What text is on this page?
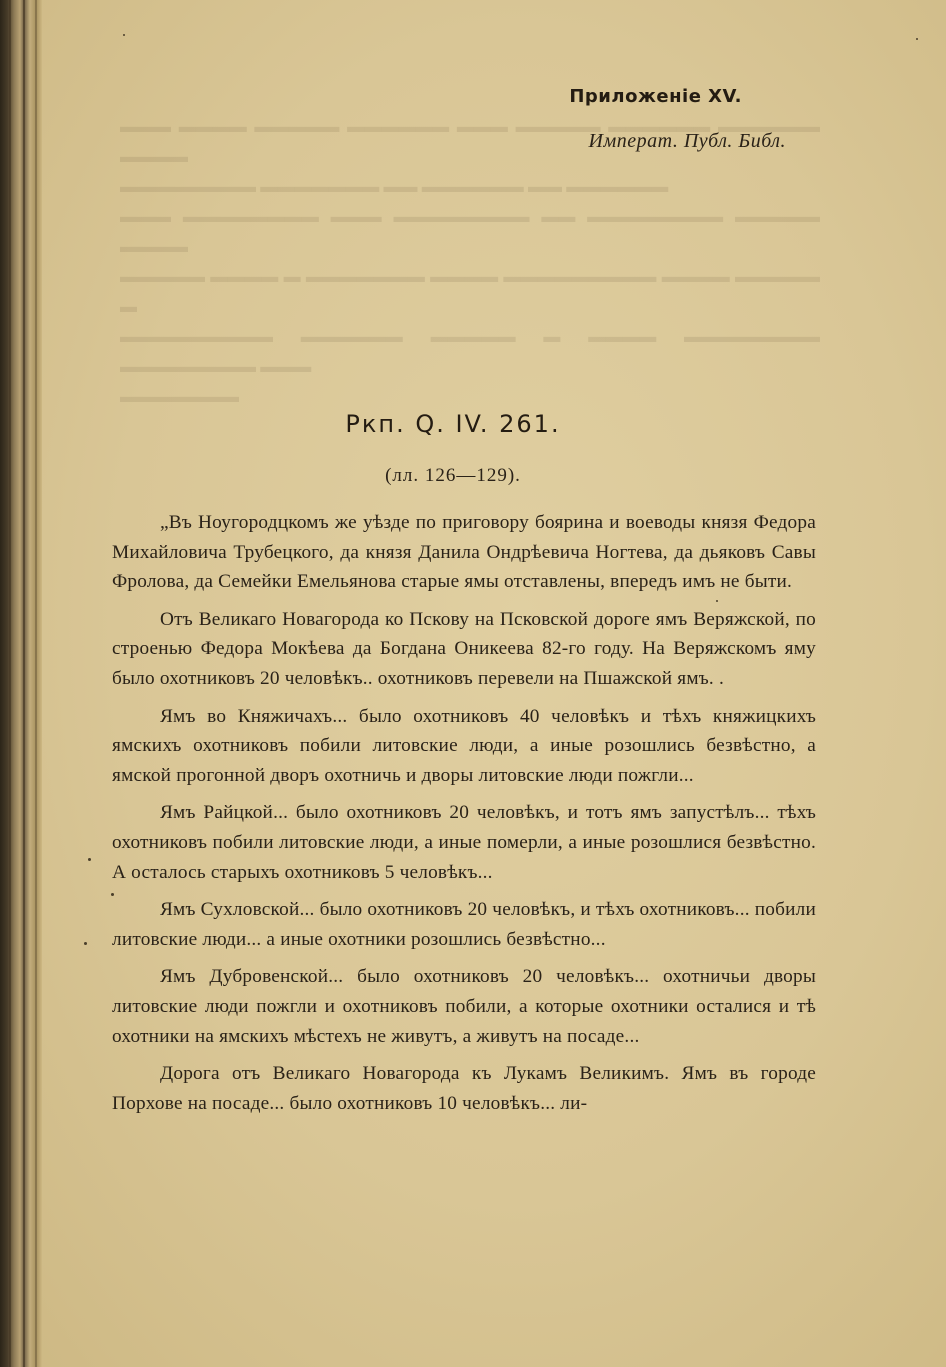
▬▬▬ ▬▬▬▬ ▬▬▬▬▬ ▬▬▬▬▬▬ ▬▬▬ ▬▬▬▬▬ ▬▬▬▬▬▬ ▬▬▬▬▬▬ ▬▬▬▬

▬▬▬▬▬▬▬▬ ▬▬▬▬▬▬▬ ▬▬ ▬▬▬▬▬▬ ▬▬ ▬▬▬▬▬▬

▬▬▬ ▬▬▬▬▬▬▬▬ ▬▬▬ ▬▬▬▬▬▬▬▬ ▬▬ ▬▬▬▬▬▬▬▬ ▬▬▬▬▬ ▬▬▬▬

▬▬▬▬▬ ▬▬▬▬ ▬ ▬▬▬▬▬▬▬ ▬▬▬▬ ▬▬▬▬▬▬▬▬▬ ▬▬▬▬ ▬▬▬▬▬ ▬

▬▬▬▬▬▬▬▬▬ ▬▬▬▬▬▬ ▬▬▬▬▬ ▬ ▬▬▬▬ ▬▬▬▬▬▬▬▬ ▬▬▬▬▬▬▬▬ ▬▬▬

▬▬▬▬▬▬▬

Приложенiе XV.
Императ. Публ. Библ.
Ркп. Q. IV. 261.
(лл. 126—129).

„Въ Ноугородцкомъ же уѣзде по приговору боярина и воеводы князя Федора Михайловича Трубецкого, да князя Данила Ондрѣевича Ногтева, да дьяковъ Савы Фролова, да Семейки Емельянова старые ямы отставлены, впередъ имъ не быти.

Отъ Великаго Новагорода ко Пскову на Псковской дороге ямъ Веряжской, по строенью Федора Мокѣева да Богдана Оникеева 82-го году. На Веряжскомъ яму было охотниковъ 20 человѣкъ.. охотниковъ перевели на Пшажской ямъ. .

Ямъ во Княжичахъ... было охотниковъ 40 человѣкъ и тѣхъ княжицкихъ ямскихъ охотниковъ побили литовские люди, а иные розошлись безвѣстно, а ямской прогонной дворъ охотничь и дворы литовские люди пожгли...

Ямъ Райцкой... было охотниковъ 20 человѣкъ, и тотъ ямъ запустѣлъ... тѣхъ охотниковъ побили литовские люди, а иные померли, а иные розошлися безвѣстно. А осталось старыхъ охотниковъ 5 человѣкъ...

Ямъ Сухловской... было охотниковъ 20 человѣкъ, и тѣхъ охотниковъ... побили литовские люди... а иные охотники розошлись безвѣстно...

Ямъ Дубровенской... было охотниковъ 20 человѣкъ... охотничьи дворы литовские люди пожгли и охотниковъ побили, а которые охотники осталися и тѣ охотники на ямскихъ мѣстехъ не живутъ, а живутъ на посаде...

Дорога отъ Великаго Новагорода къ Лукамъ Великимъ. Ямъ въ городе Порхове на посаде... было охотниковъ 10 человѣкъ... ли-
